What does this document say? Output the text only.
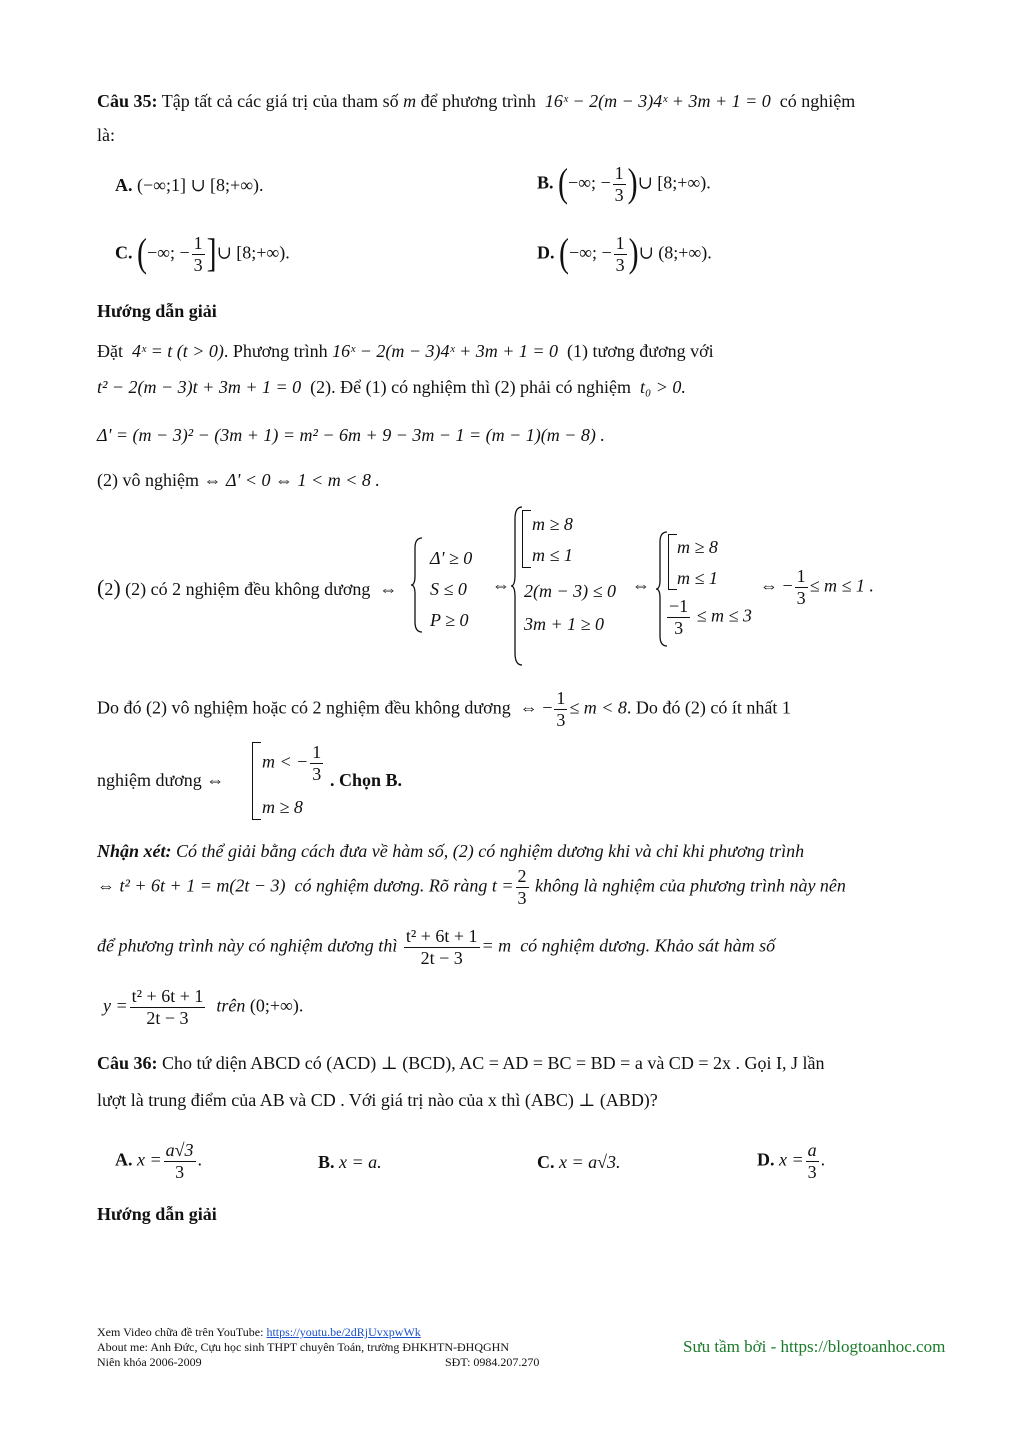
Câu 35: Tập tất cả các giá trị của tham số m để phương trình 16ˣ − 2(m − 3)4ˣ + 3m + 1 = 0 có nghiệm
là:
A. (−∞;1] ∪ [8;+∞).	B. (−∞; − $\frac{1}{3}$ )∪ [8;+∞).
C. (−∞; − $\frac{1}{3}$ ]∪ [8;+∞).	D. (−∞; − $\frac{1}{3}$ )∪ (8;+∞).
Hướng dẫn giải
Đặt 4ˣ = t (t > 0). Phương trình 16ˣ − 2(m − 3)4ˣ + 3m + 1 = 0 (1) tương đương với
t² − 2(m − 3)t + 3m + 1 = 0 (2). Để (1) có nghiệm thì (2) phải có nghiệm t₀ > 0.
Δ' = (m − 3)² − (3m + 1) = m² − 6m + 9 − 3m − 1 = (m − 1)(m − 8) .
(2) vô nghiệm ⇔ Δ' < 0 ⇔ 1 < m < 8 .
(2) (2) có 2 nghiệm đều không dương ⇔
Δ' ≥ 0
S ≤ 0
P ≥ 0
⇔
m ≥ 8
m ≤ 1
2(m − 3) ≤ 0
3m + 1 ≥ 0
⇔
m ≥ 8
m ≤ 1
$\frac{-1}{3} \le m \le 3$
⇔ − $\frac{1}{3} \le m \le 1$ .
Do đó (2) vô nghiệm hoặc có 2 nghiệm đều không dương ⇔ − $\frac{1}{3} \le m < 8$. Do đó (2) có ít nhất 1
nghiệm dương ⇔
m < − $\frac{1}{3}$
m ≥ 8
. Chọn B.
Nhận xét: Có thể giải bằng cách đưa về hàm số, (2) có nghiệm dương khi và chỉ khi phương trình
⇔ t² + 6t + 1 = m(2t − 3) có nghiệm dương. Rõ ràng $t = \frac{2}{3}$ không là nghiệm của phương trình này nên
để phương trình này có nghiệm dương thì $\frac{\text{t² + 6t + 1}}{2t - 3} = m$ có nghiệm dương. Khảo sát hàm số
$y = \frac{\text{t² + 6t + 1}}{2t - 3}$ trên (0;+∞).
Câu 36: Cho tứ diện ABCD có (ACD) ⊥ (BCD), AC = AD = BC = BD = a và CD = 2x . Gọi I, J lần
lượt là trung điểm của AB và CD . Với giá trị nào của x thì (ABC) ⊥ (ABD)?
A. $x = \frac{a√3}{3}$ .	B. x = a.	C. x = a√3.	D. $x = \frac{a}{3}$ .
Hướng dẫn giải
Xem Video chữa đề trên YouTube: https://youtu.be/2dRjUvxpwWk
About me: Anh Đức, Cựu học sinh THPT chuyên Toán, trường ĐHKHTN-ĐHQGHN
Niên khóa 2006-2009	SĐT: 0984.207.270
Sưu tầm bởi - https://blogtoanhoc.com
